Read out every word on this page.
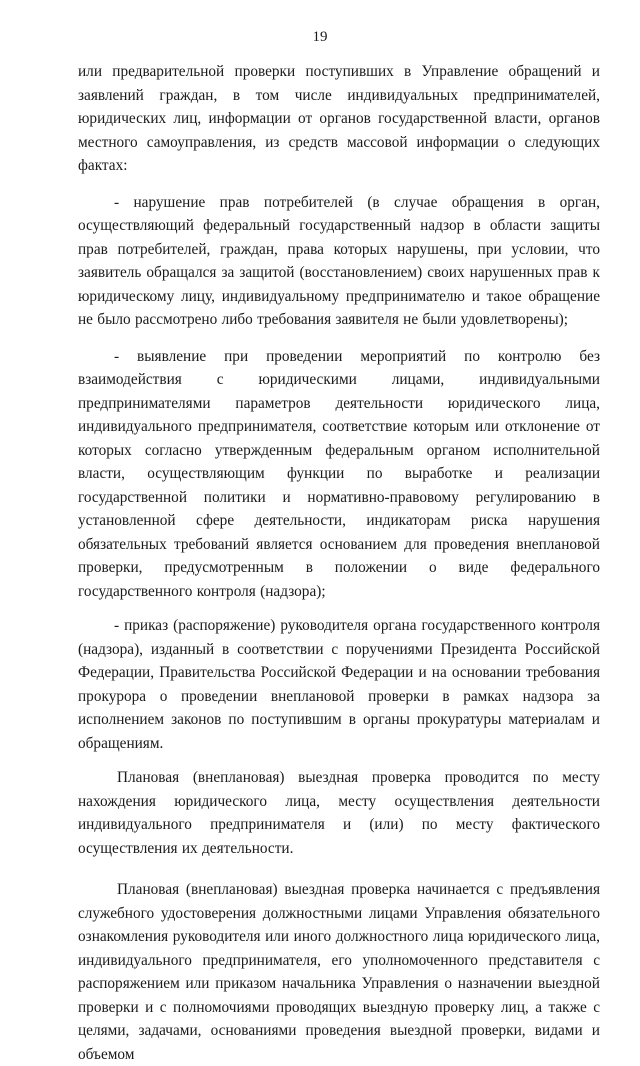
19

или предварительной проверки поступивших в Управление обращений и заявлений граждан, в том числе индивидуальных предпринимателей, юридических лиц, информации от органов государственной власти, органов местного самоуправления, из средств массовой информации о следующих фактах:

- нарушение прав потребителей (в случае обращения в орган, осуществляющий федеральный государственный надзор в области защиты прав потребителей, граждан, права которых нарушены, при условии, что заявитель обращался за защитой (восстановлением) своих нарушенных прав к юридическому лицу, индивидуальному предпринимателю и такое обращение не было рассмотрено либо требования заявителя не были удовлетворены);

- выявление при проведении мероприятий по контролю без взаимодействия с юридическими лицами, индивидуальными предпринимателями параметров деятельности юридического лица, индивидуального предпринимателя, соответствие которым или отклонение от которых согласно утвержденным федеральным органом исполнительной власти, осуществляющим функции по выработке и реализации государственной политики и нормативно-правовому регулированию в установленной сфере деятельности, индикаторам риска нарушения обязательных требований является основанием для проведения внеплановой проверки, предусмотренным в положении о виде федерального государственного контроля (надзора);

- приказ (распоряжение) руководителя органа государственного контроля (надзора), изданный в соответствии с поручениями Президента Российской Федерации, Правительства Российской Федерации и на основании требования прокурора о проведении внеплановой проверки в рамках надзора за исполнением законов по поступившим в органы прокуратуры материалам и обращениям.

Плановая (внеплановая) выездная проверка проводится по месту нахождения юридического лица, месту осуществления деятельности индивидуального предпринимателя и (или) по месту фактического осуществления их деятельности.

Плановая (внеплановая) выездная проверка начинается с предъявления служебного удостоверения должностными лицами Управления обязательного ознакомления руководителя или иного должностного лица юридического лица, индивидуального предпринимателя, его уполномоченного представителя с распоряжением или приказом начальника Управления о назначении выездной проверки и с полномочиями проводящих выездную проверку лиц, а также с целями, задачами, основаниями проведения выездной проверки, видами и объемом
